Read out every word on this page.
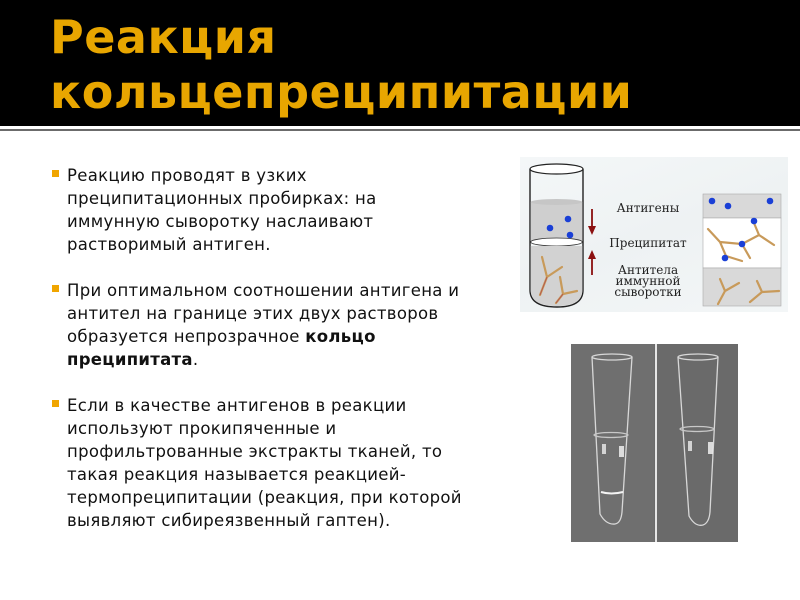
Реакция
кольцепреципитации
Реакцию проводят в узких
преципитационных пробирках: на
иммунную сыворотку наслаивают
растворимый антиген.
При оптимальном соотношении антигена и
антител на границе этих двух растворов
образуется непрозрачное кольцо
преципитата.
Если в качестве антигенов в реакции
используют прокипяченные и
профильтрованные экстракты тканей, то
такая реакция называется реакцией-
термопреципитации (реакция, при которой
выявляют сибиреязвенный гаптен).
Антигены
Преципитат
Антитела
иммунной
сыворотки
